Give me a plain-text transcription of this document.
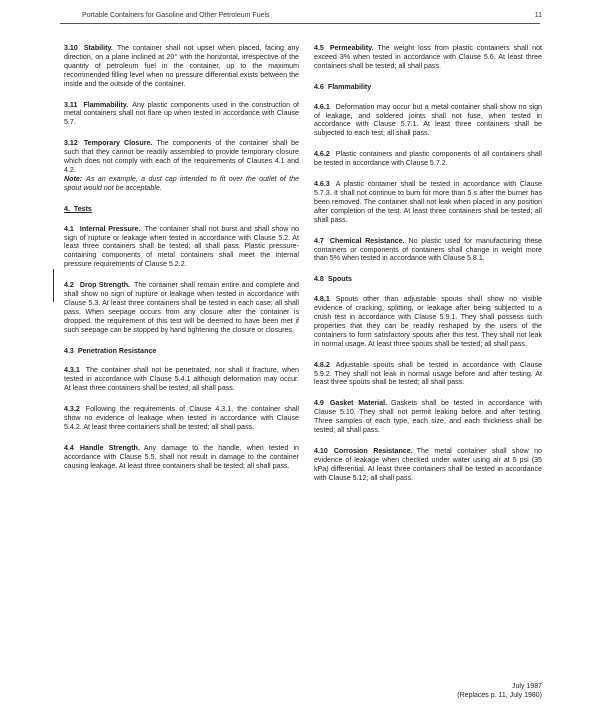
Portable Containers for Gasoline and Other Petroleum Fuels	11

3.10 Stability. The container shall not upset when placed, facing any direction, on a plane inclined at 20° with the horizontal, irrespective of the quantity of petroleum fuel in the container, up to the maximum recommended filling level when no pressure differential exists between the inside and the outside of the container.

3.11 Flammability. Any plastic components used in the construction of metal containers shall not flare up when tested in accordance with Clause 5.7.

3.12 Temporary Closure. The components of the container shall be such that they cannot be readily assembled to provide temporary closure which does not comply with each of the requirements of Clauses 4.1 and 4.2.
Note: As an example, a dust cap intended to fit over the outlet of the spout would not be acceptable.

4. Tests

4.1 Internal Pressure. The container shall not burst and shall show no sign of rupture or leakage when tested in accordance with Clause 5.2. At least three containers shall be tested; all shall pass. Plastic pressure-containing components of metal containers shall meet the internal pressure requirements of Clause 5.2.2.

4.2 Drop Strength. The container shall remain entire and complete and shall show no sign of rupture or leakage when tested in accordance with Clause 5.3. At least three containers shall be tested in each case; all shall pass. When seepage occurs from any closure after the container is dropped, the requirement of this test will be deemed to have been met if such seepage can be stopped by hand tightening the closure or closures.

4.3 Penetration Resistance

4.3.1 The container shall not be penetrated, nor shall it fracture, when tested in accordance with Clause 5.4.1 although deformation may occur. At least three containers shall be tested; all shall pass.

4.3.2 Following the requirements of Clause 4.3.1, the container shall show no evidence of leakage when tested in accordance with Clause 5.4.2. At least three containers shall be tested; all shall pass.

4.4 Handle Strength. Any damage to the handle, when tested in accordance with Clause 5.5, shall not result in damage to the container causing leakage. At least three containers shall be tested; all shall pass.

4.5 Permeability. The weight loss from plastic containers shall not exceed 3% when tested in accordance with Clause 5.6. At least three containers shall be tested; all shall pass.

4.6 Flammability

4.6.1 Deformation may occur but a metal container shall show no sign of leakage, and soldered joints shall not fuse, when tested in accordance with Clause 5.7.1. At least three containers shall be subjected to each test; all shall pass.

4.6.2 Plastic containers and plastic components of all containers shall be tested in accordance with Clause 5.7.2.

4.6.3 A plastic container shall be tested in accordance with Clause 5.7.3. It shall not continue to burn for more than 5 s after the burner has been removed. The container shall not leak when placed in any position after completion of the test. At least three containers shall be tested; all shall pass.

4.7 Chemical Resistance. No plastic used for manufacturing these containers or components of containers shall change in weight more than 5% when tested in accordance with Clause 5.8.1.

4.8 Spouts

4.8.1 Spouts other than adjustable spouts shall show no visible evidence of cracking, splitting, or leakage after being subjected to a crush test in accordance with Clause 5.9.1. They shall possess such properties that they can be readily reshaped by the users of the containers to form satisfactory spouts after this test. They shall not leak in normal usage. At least three spouts shall be tested; all shall pass.

4.8.2 Adjustable spouts shall be tested in accordance with Clause 5.9.2. They shall not leak in normal usage before and after testing. At least three spouts shall be tested; all shall pass.

4.9 Gasket Material. Gaskets shall be tested in accordance with Clause 5.10. They shall not permit leaking before and after testing. Three samples of each type, each size, and each thickness shall be tested; all shall pass.

4.10 Corrosion Resistance. The metal container shall show no evidence of leakage when checked under water using air at 5 psi (35 kPa) differential. At least three containers shall be tested in accordance with Clause 5.12; all shall pass.

July 1987
(Replaces p. 11, July 1980)
